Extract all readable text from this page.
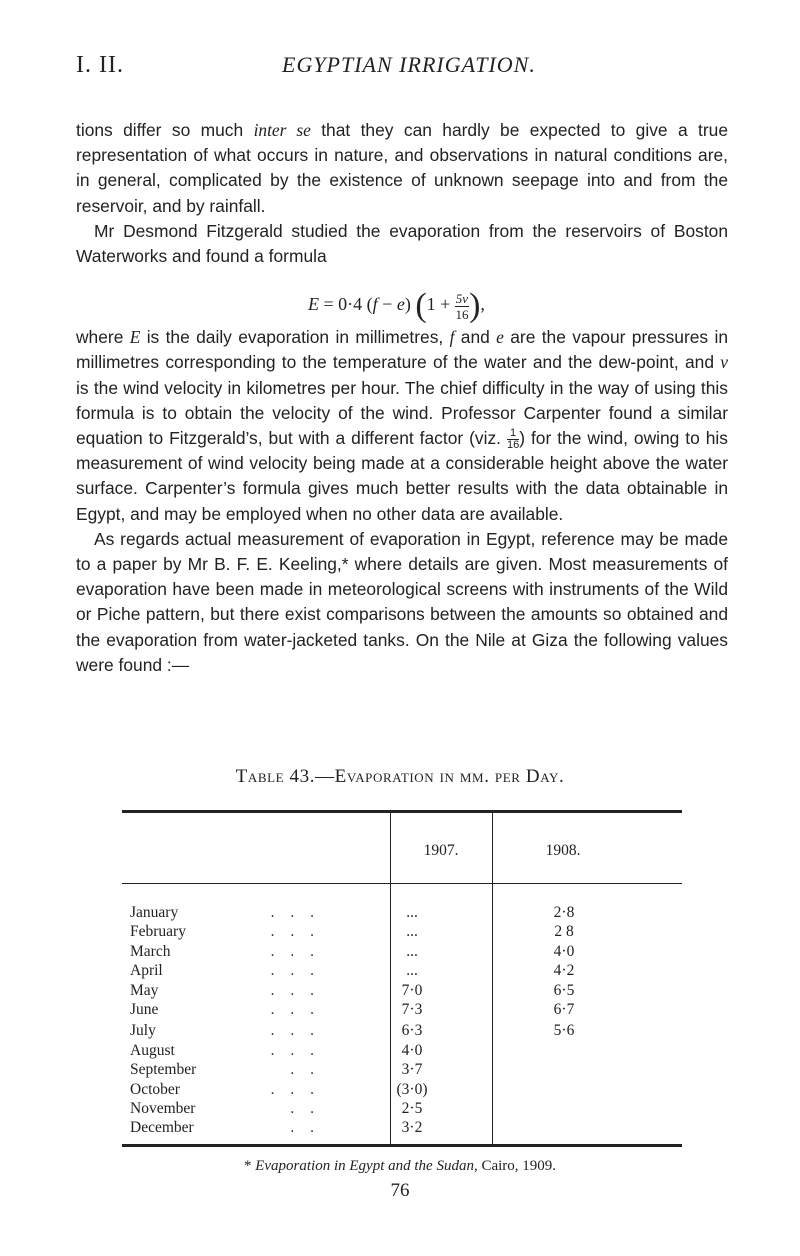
I. II.	EGYPTIAN IRRIGATION.

tions differ so much inter se that they can hardly be expected to give a true representation of what occurs in nature, and observations in natural conditions are, in general, complicated by the existence of unknown seepage into and from the reservoir, and by rainfall.

Mr Desmond Fitzgerald studied the evaporation from the reservoirs of Boston Waterworks and found a formula

E = 0·4 (f − e) ($1 + \frac{5v}{16}$ ),

where E is the daily evaporation in millimetres, f and e are the vapour pressures in millimetres corresponding to the temperature of the water and the dew-point, and v is the wind velocity in kilometres per hour. The chief difficulty in the way of using this formula is to obtain the velocity of the wind. Professor Carpenter found a similar equation to Fitzgerald’s, but with a different factor (viz. $\frac{1}{16}$) for the wind, owing to his measurement of wind velocity being made at a considerable height above the water surface. Carpenter’s formula gives much better results with the data obtainable in Egypt, and may be employed when no other data are available.

As regards actual measurement of evaporation in Egypt, reference may be made to a paper by Mr B. F. E. Keeling,* where details are given. Most measurements of evaporation have been made in meteorological screens with instruments of the Wild or Piche pattern, but there exist comparisons between the amounts so obtained and the evaporation from water-jacketed tanks. On the Nile at Giza the following values were found :—

Table 43.—Evaporation in mm. per Day.
1907.	1908.
January	. . .	...	2·8
February	. . .	...	2 8
March	. . .	...	4·0
April	. . .	...	4·2
May	. . .	7·0	6·5
June	. . .	7·3	6·7
July	. . .	6·3	5·6
August	. . .	4·0
September	. .	3·7
October	. . .	(3·0)
November	. .	2·5
December	. .	3·2
* Evaporation in Egypt and the Sudan, Cairo, 1909.
76
